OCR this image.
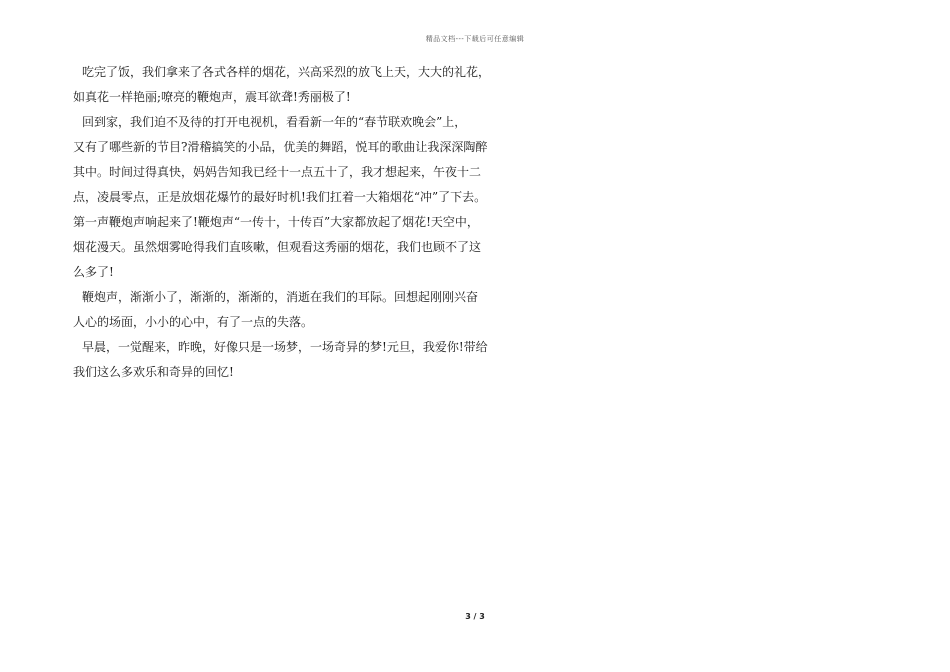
精品文档---下载后可任意编辑
吃完了饭，我们拿来了各式各样的烟花，兴高采烈的放飞上天，大大的礼花，
如真花一样艳丽;嘹亮的鞭炮声，震耳欲聋!秀丽极了!
回到家，我们迫不及待的打开电视机，看看新一年的“春节联欢晚会”上，
又有了哪些新的节目?滑稽搞笑的小品，优美的舞蹈，悦耳的歌曲让我深深陶醉
其中。时间过得真快，妈妈告知我已经十一点五十了，我才想起来，午夜十二
点，凌晨零点，正是放烟花爆竹的最好时机!我们扛着一大箱烟花“冲”了下去。
第一声鞭炮声响起来了!鞭炮声“一传十，十传百”大家都放起了烟花!天空中，
烟花漫天。虽然烟雾呛得我们直咳嗽，但观看这秀丽的烟花，我们也顾不了这
么多了!
鞭炮声，渐渐小了，渐渐的，渐渐的，消逝在我们的耳际。回想起刚刚兴奋
人心的场面，小小的心中，有了一点的失落。
早晨，一觉醒来，昨晚，好像只是一场梦，一场奇异的梦!元旦，我爱你!带给
我们这么多欢乐和奇异的回忆!
3 / 3
